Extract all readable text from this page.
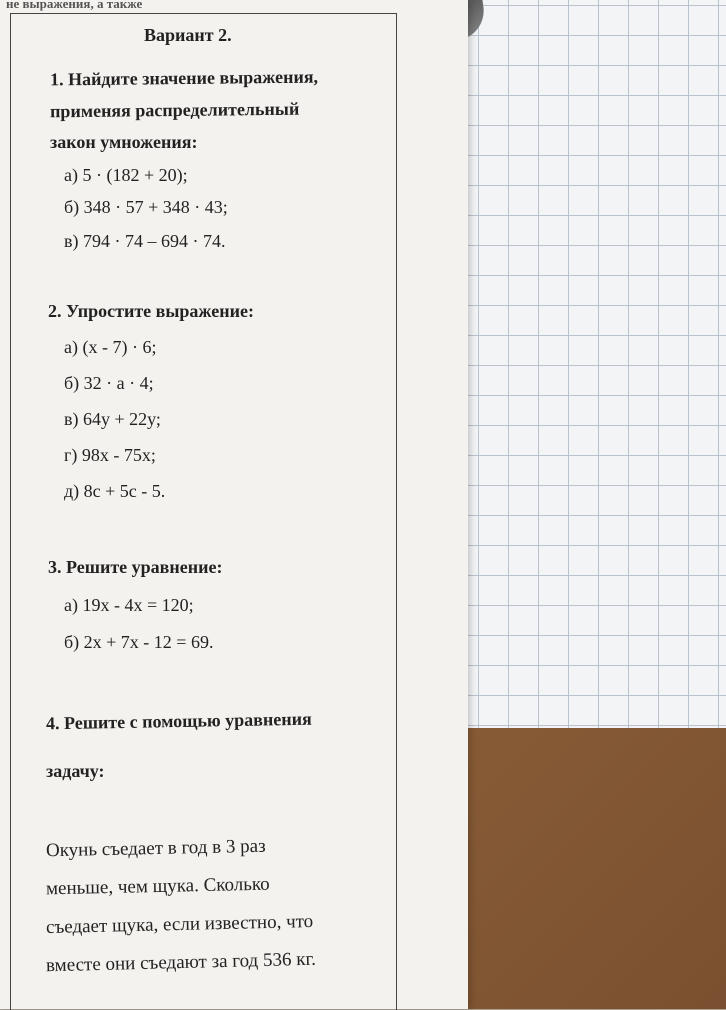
не выражения, а также
Вариант 2.
1. Найдите значение выражения,
применяя распределительный
закон умножения:
а) 5 · (182 + 20);
б) 348 · 57 + 348 · 43;
в) 794 · 74 – 694 · 74.
2. Упростите выражение:
а) (х - 7) · 6;
б) 32 · а · 4;
в) 64у + 22у;
г) 98х - 75х;
д) 8с + 5с - 5.
3. Решите уравнение:
а) 19х - 4х = 120;
б) 2х + 7х - 12 = 69.
4. Решите с помощью уравнения
задачу:
Окунь съедает в год в 3 раз
меньше, чем щука. Сколько
съедает щука, если известно, что
вместе они съедают за год 536 кг.
